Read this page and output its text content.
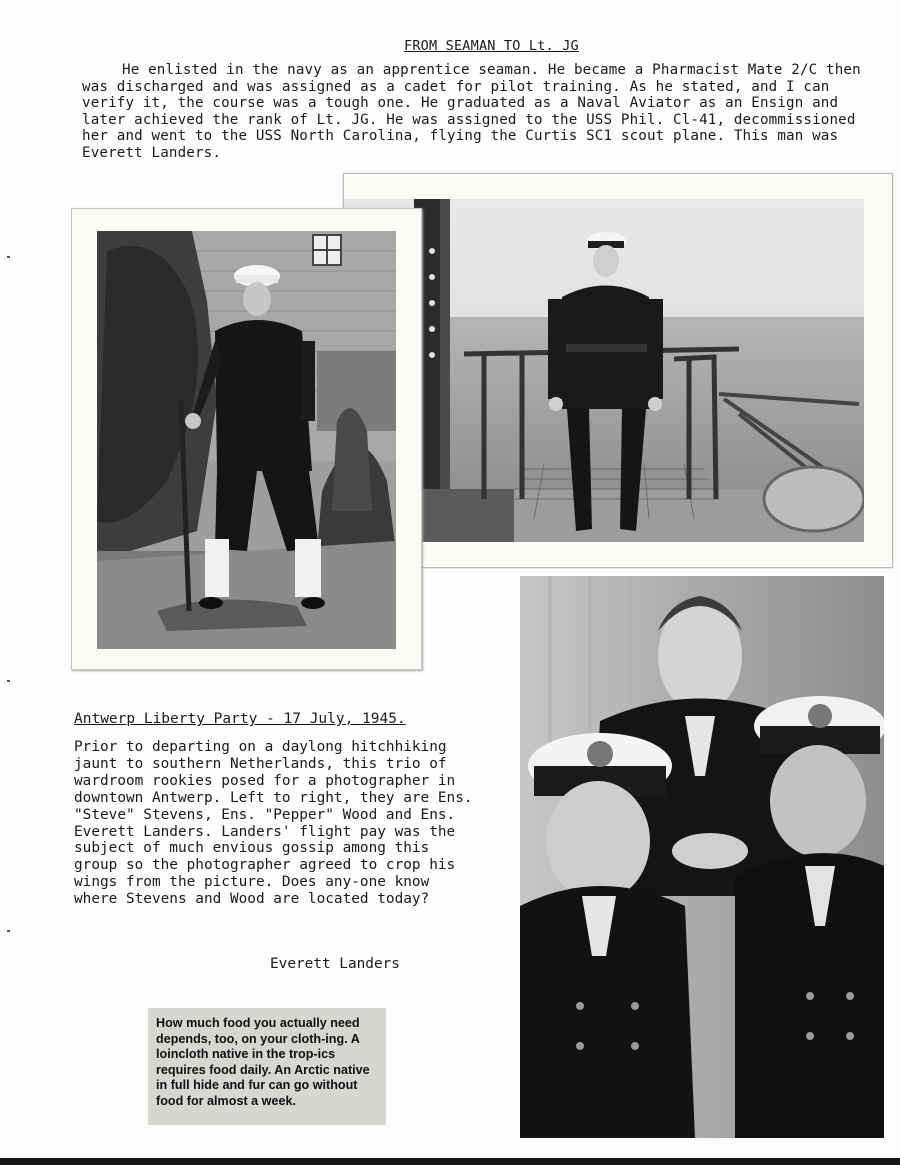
FROM SEAMAN TO Lt. JG

He enlisted in the navy as an apprentice seaman. He became a Pharmacist Mate 2/C then was discharged and was assigned as a cadet for pilot training. As he stated, and I can verify it, the course was a tough one. He graduated as a Naval Aviator as an Ensign and later achieved the rank of Lt. JG. He was assigned to the USS Phil. Cl-41, decommissioned her and went to the USS North Carolina, flying the Curtis SC1 scout plane. This man was Everett Landers.

Antwerp Liberty Party - 17 July, 1945.

Prior to departing on a daylong hitchhiking jaunt to southern Netherlands, this trio of wardroom rookies posed for a photographer in downtown Antwerp. Left to right, they are Ens. "Steve" Stevens, Ens. "Pepper" Wood and Ens. Everett Landers. Landers' flight pay was the subject of much envious gossip among this group so the photographer agreed to crop his wings from the picture. Does any-one know where Stevens and Wood are located today?

Everett Landers

How much food you actually need depends, too, on your cloth-ing. A loincloth native in the trop-ics requires food daily. An Arctic native in full hide and fur can go without food for almost a week.
